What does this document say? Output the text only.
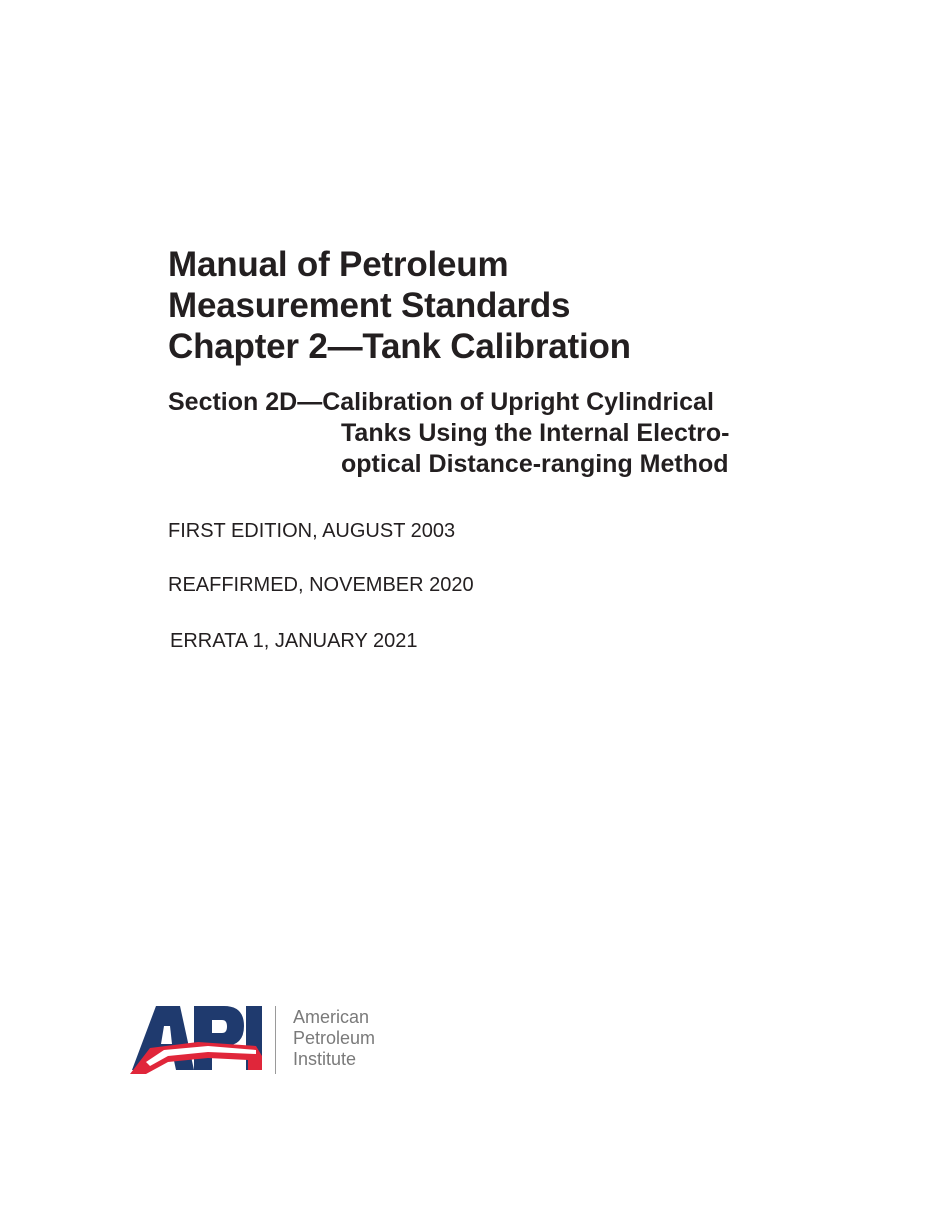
Manual of Petroleum
Measurement Standards
Chapter 2—Tank Calibration
Section 2D—Calibration of Upright Cylindrical
Tanks Using the Internal Electro-
optical Distance-ranging Method
FIRST EDITION, AUGUST 2003
REAFFIRMED, NOVEMBER 2020
ERRATA 1, JANUARY 2021
American
Petroleum
Institute
